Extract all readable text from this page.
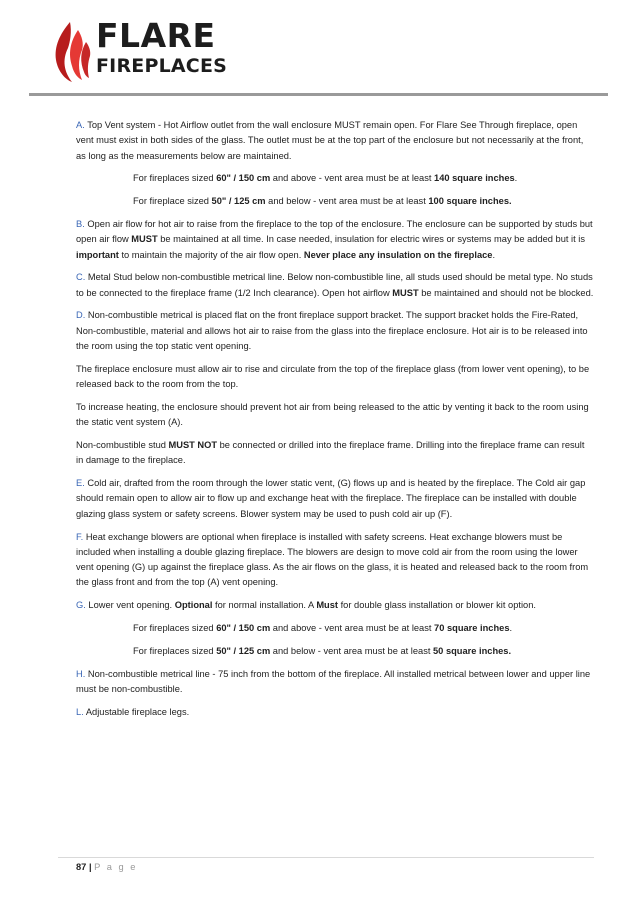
FLARE
FIREPLACES

A. Top Vent system - Hot Airflow outlet from the wall enclosure MUST remain open. For Flare See Through fireplace, open vent must exist in both sides of the glass. The outlet must be at the top part of the enclosure but not necessarily at the front, as long as the measurements below are maintained.

For fireplaces sized 60" / 150 cm and above - vent area must be at least 140 square inches.

For fireplace sized 50" / 125 cm and below - vent area must be at least 100 square inches.

B. Open air flow for hot air to raise from the fireplace to the top of the enclosure. The enclosure can be supported by studs but open air flow MUST be maintained at all time. In case needed, insulation for electric wires or systems may be added but it is important to maintain the majority of the air flow open. Never place any insulation on the fireplace.

C. Metal Stud below non-combustible metrical line. Below non-combustible line, all studs used should be metal type. No studs to be connected to the fireplace frame (1/2 Inch clearance). Open hot airflow MUST be maintained and should not be blocked.

D. Non-combustible metrical is placed flat on the front fireplace support bracket. The support bracket holds the Fire-Rated, Non-combustible, material and allows hot air to raise from the glass into the fireplace enclosure. Hot air is to be released into the room using the top static vent opening.

The fireplace enclosure must allow air to rise and circulate from the top of the fireplace glass (from lower vent opening), to be released back to the room from the top.

To increase heating, the enclosure should prevent hot air from being released to the attic by venting it back to the room using the static vent system (A).

Non-combustible stud MUST NOT be connected or drilled into the fireplace frame. Drilling into the fireplace frame can result in damage to the fireplace.

E. Cold air, drafted from the room through the lower static vent, (G) flows up and is heated by the fireplace. The Cold air gap should remain open to allow air to flow up and exchange heat with the fireplace. The fireplace can be installed with double glazing glass system or safety screens. Blower system may be used to push cold air up (F).

F. Heat exchange blowers are optional when fireplace is installed with safety screens. Heat exchange blowers must be included when installing a double glazing fireplace. The blowers are design to move cold air from the room using the lower vent opening (G) up against the fireplace glass. As the air flows on the glass, it is heated and released back to the room from the glass front and from the top (A) vent opening.

G. Lower vent opening. Optional for normal installation. A Must for double glass installation or blower kit option.

For fireplaces sized 60" / 150 cm and above - vent area must be at least 70 square inches.

For fireplaces sized 50" / 125 cm and below - vent area must be at least 50 square inches.

H. Non-combustible metrical line - 75 inch from the bottom of the fireplace. All installed metrical between lower and upper line must be non-combustible.

L. Adjustable fireplace legs.

87 | P a g e
